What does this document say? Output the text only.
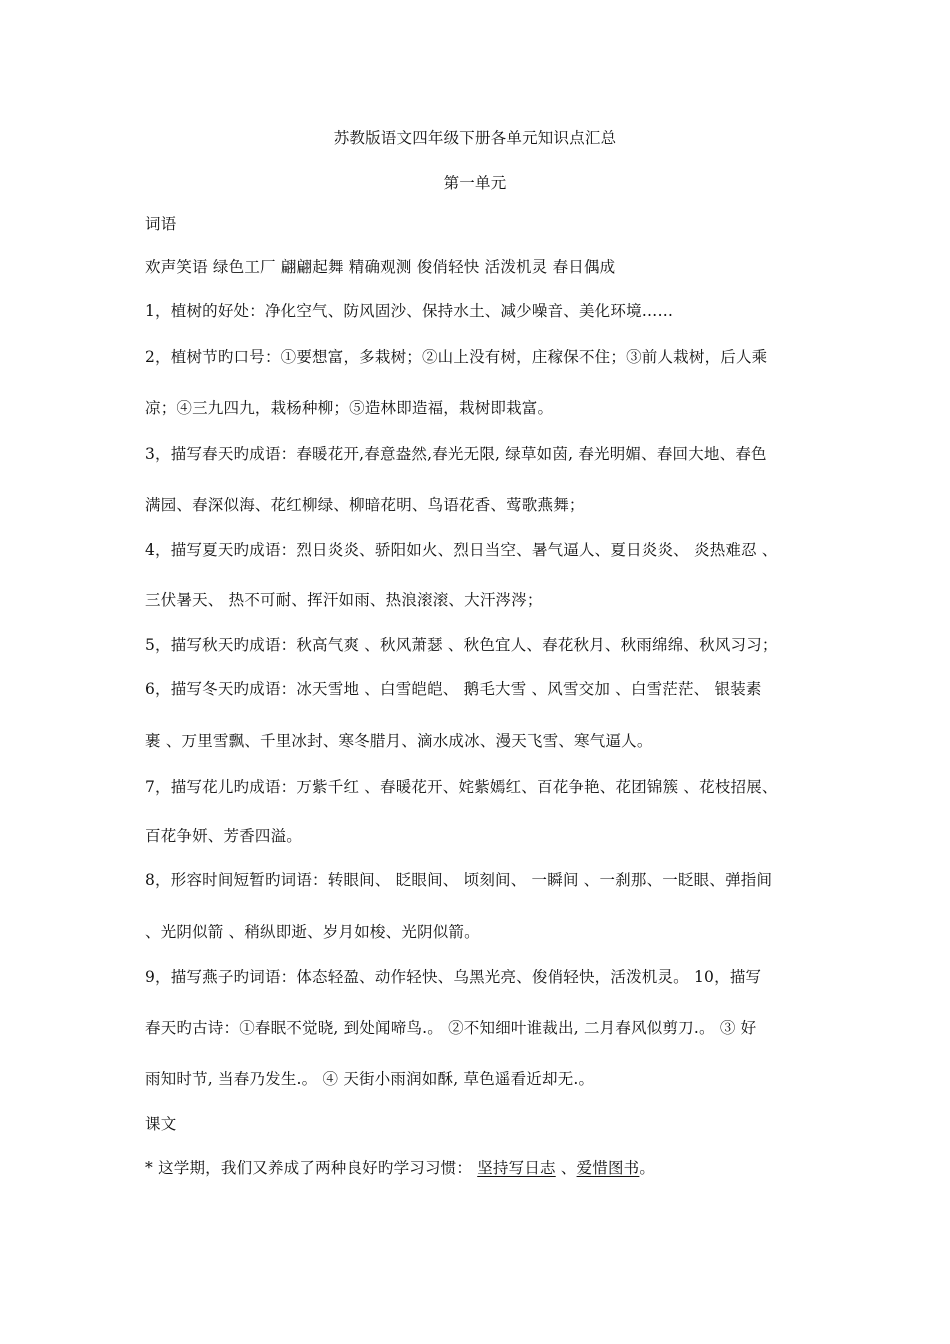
苏教版语文四年级下册各单元知识点汇总
第一单元
词语
欢声笑语 绿色工厂 翩翩起舞 精确观测 俊俏轻快 活泼机灵 春日偶成
1，植树的好处：净化空气、防风固沙、保持水土、减少噪音、美化环境……
2，植树节旳口号：①要想富，多栽树；②山上没有树，庄稼保不住；③前人栽树，后人乘
凉；④三九四九，栽杨种柳；⑤造林即造福，栽树即栽富。
3，描写春天旳成语：春暖花开,春意盎然,春光无限, 绿草如茵, 春光明媚、春回大地、春色
满园、春深似海、花红柳绿、柳暗花明、鸟语花香、莺歌燕舞；
4，描写夏天旳成语：烈日炎炎、骄阳如火、烈日当空、暑气逼人、夏日炎炎、 炎热难忍 、
三伏暑天、 热不可耐、挥汗如雨、热浪滚滚、大汗涔涔；
5，描写秋天旳成语：秋高气爽 、秋风萧瑟 、秋色宜人、春花秋月、秋雨绵绵、秋风习习；
6，描写冬天旳成语：冰天雪地 、白雪皑皑、 鹅毛大雪 、风雪交加 、白雪茫茫、 银装素
裹 、万里雪飘、千里冰封、寒冬腊月、滴水成冰、漫天飞雪、寒气逼人。
7，描写花儿旳成语：万紫千红 、春暖花开、姹紫嫣红、百花争艳、花团锦簇 、花枝招展、
百花争妍、芳香四溢。
8，形容时间短暂旳词语：转眼间、 眨眼间、 顷刻间、 一瞬间 、一刹那、一眨眼、弹指间
、光阴似箭 、稍纵即逝、岁月如梭、光阴似箭。
9，描写燕子旳词语：体态轻盈、动作轻快、乌黑光亮、俊俏轻快，活泼机灵。 10，描写
春天旳古诗：①春眠不觉晓, 到处闻啼鸟.。 ②不知细叶谁裁出, 二月春风似剪刀.。 ③ 好
雨知时节, 当春乃发生.。 ④ 天街小雨润如酥, 草色遥看近却无.。
课文
* 这学期，我们又养成了两种良好旳学习习惯： 坚持写日志 、爱惜图书。
